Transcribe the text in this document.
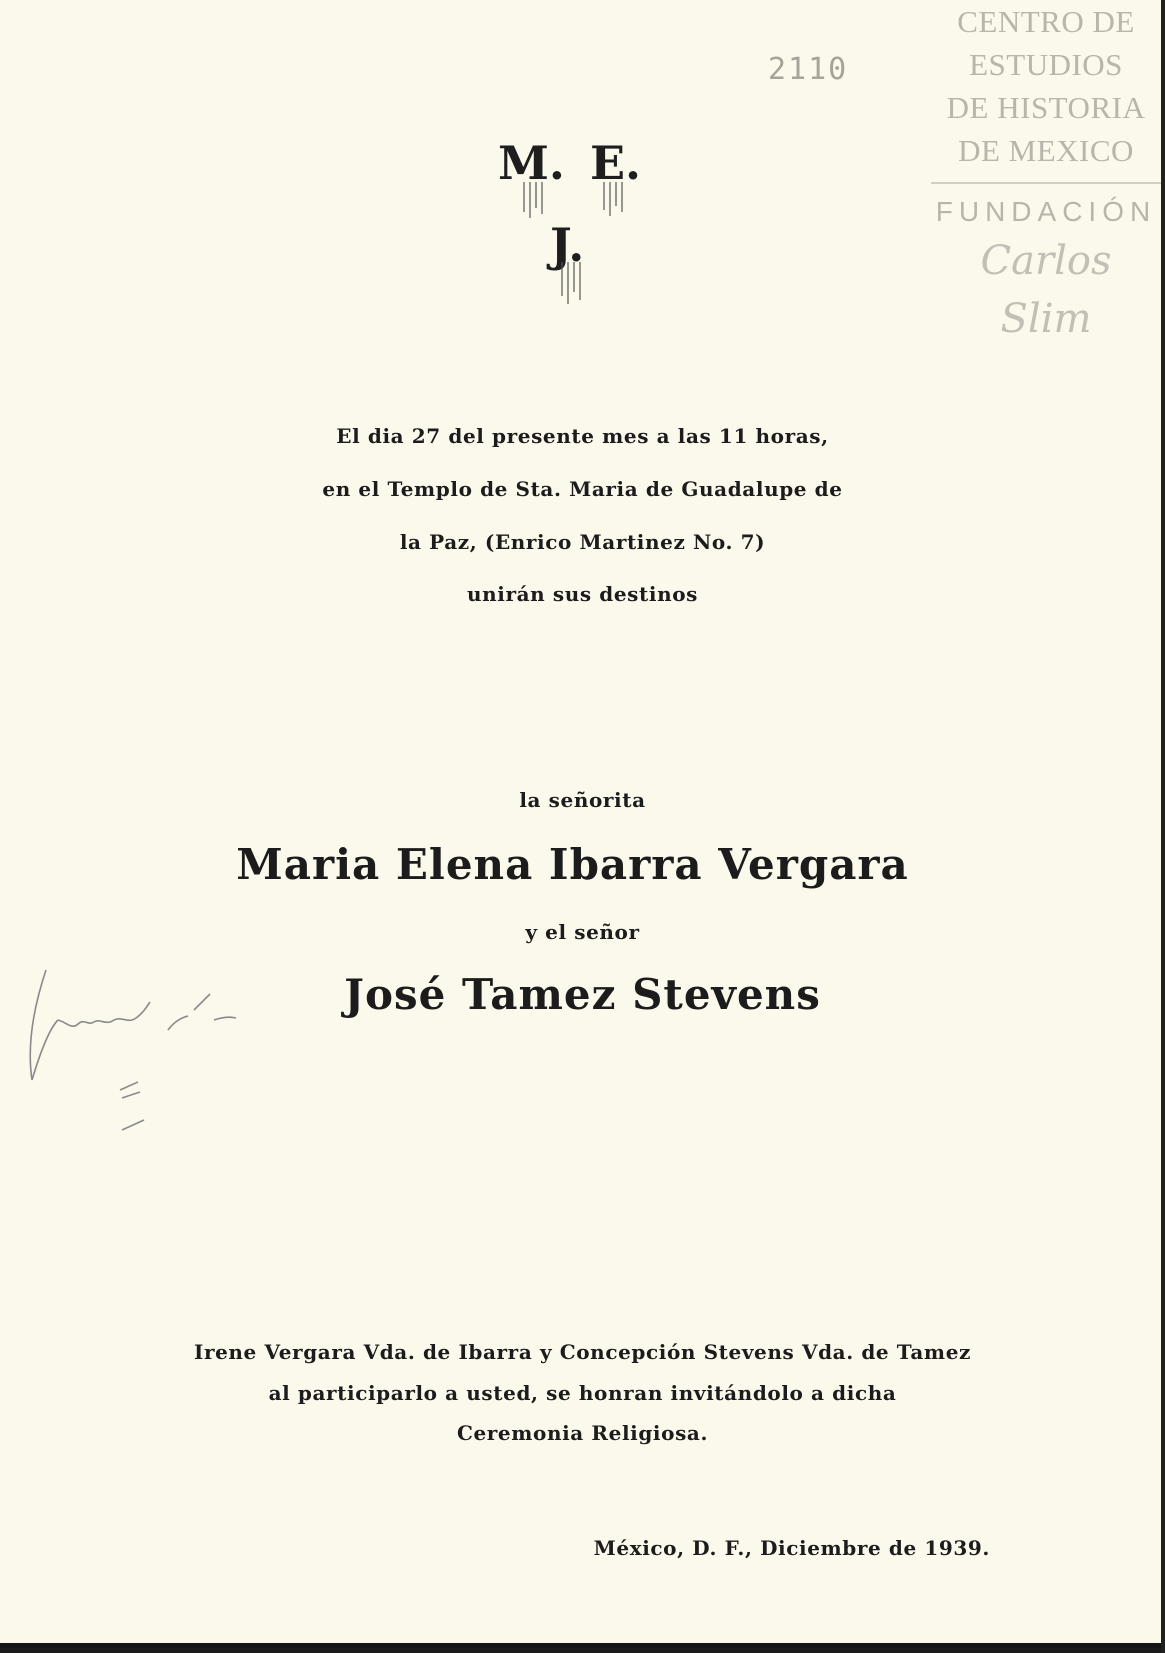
CENTRO DE
ESTUDIOS
DE HISTORIA
DE MEXICO
FUNDACIÓN
Carlos Slim
2110
M. E.
J.
El dia 27 del presente mes a las 11 horas,
en el Templo de Sta. Maria de Guadalupe de
la Paz, (Enrico Martinez No. 7)
unirán sus destinos
la señorita
Maria Elena Ibarra Vergara
y el señor
José Tamez Stevens
Irene Vergara Vda. de Ibarra y Concepción Stevens Vda. de Tamez
al participarlo a usted, se honran invitándolo a dicha
Ceremonia Religiosa.
México, D. F., Diciembre de 1939.
